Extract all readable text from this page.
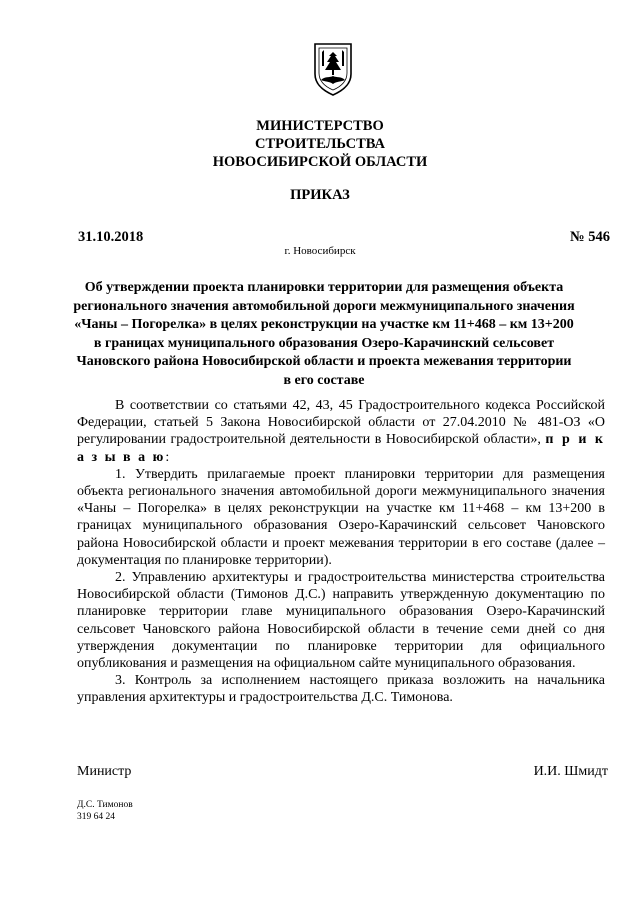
МИНИСТЕРСТВО
СТРОИТЕЛЬСТВА
НОВОСИБИРСКОЙ ОБЛАСТИ
ПРИКАЗ
31.10.2018	№ 546
г. Новосибирск
Об утверждении проекта планировки территории для размещения объекта регионального значения автомобильной дороги межмуниципального значения «Чаны – Погорелка» в целях реконструкции на участке км 11+468 – км 13+200 в границах муниципального образования Озеро-Карачинский сельсовет Чановского района Новосибирской области и проекта межевания территории в его составе

В соответствии со статьями 42, 43, 45 Градостроительного кодекса Российской Федерации, статьей 5 Закона Новосибирской области от 27.04.2010 № 481-ОЗ «О регулировании градостроительной деятельности в Новосибирской области», п р и к а з ы в а ю:

1. Утвердить прилагаемые проект планировки территории для размещения объекта регионального значения автомобильной дороги межмуниципального значения «Чаны – Погорелка» в целях реконструкции на участке км 11+468 – км 13+200 в границах муниципального образования Озеро-Карачинский сельсовет Чановского района Новосибирской области и проект межевания территории в его составе (далее – документация по планировке территории).

2. Управлению архитектуры и градостроительства министерства строительства Новосибирской области (Тимонов Д.С.) направить утвержденную документацию по планировке территории главе муниципального образования Озеро-Карачинский сельсовет Чановского района Новосибирской области в течение семи дней со дня утверждения документации по планировке территории для официального опубликования и размещения на официальном сайте муниципального образования.

3. Контроль за исполнением настоящего приказа возложить на начальника управления архитектуры и градостроительства Д.С. Тимонова.

Министр	И.И. Шмидт
Д.С. Тимонов
319 64 24
